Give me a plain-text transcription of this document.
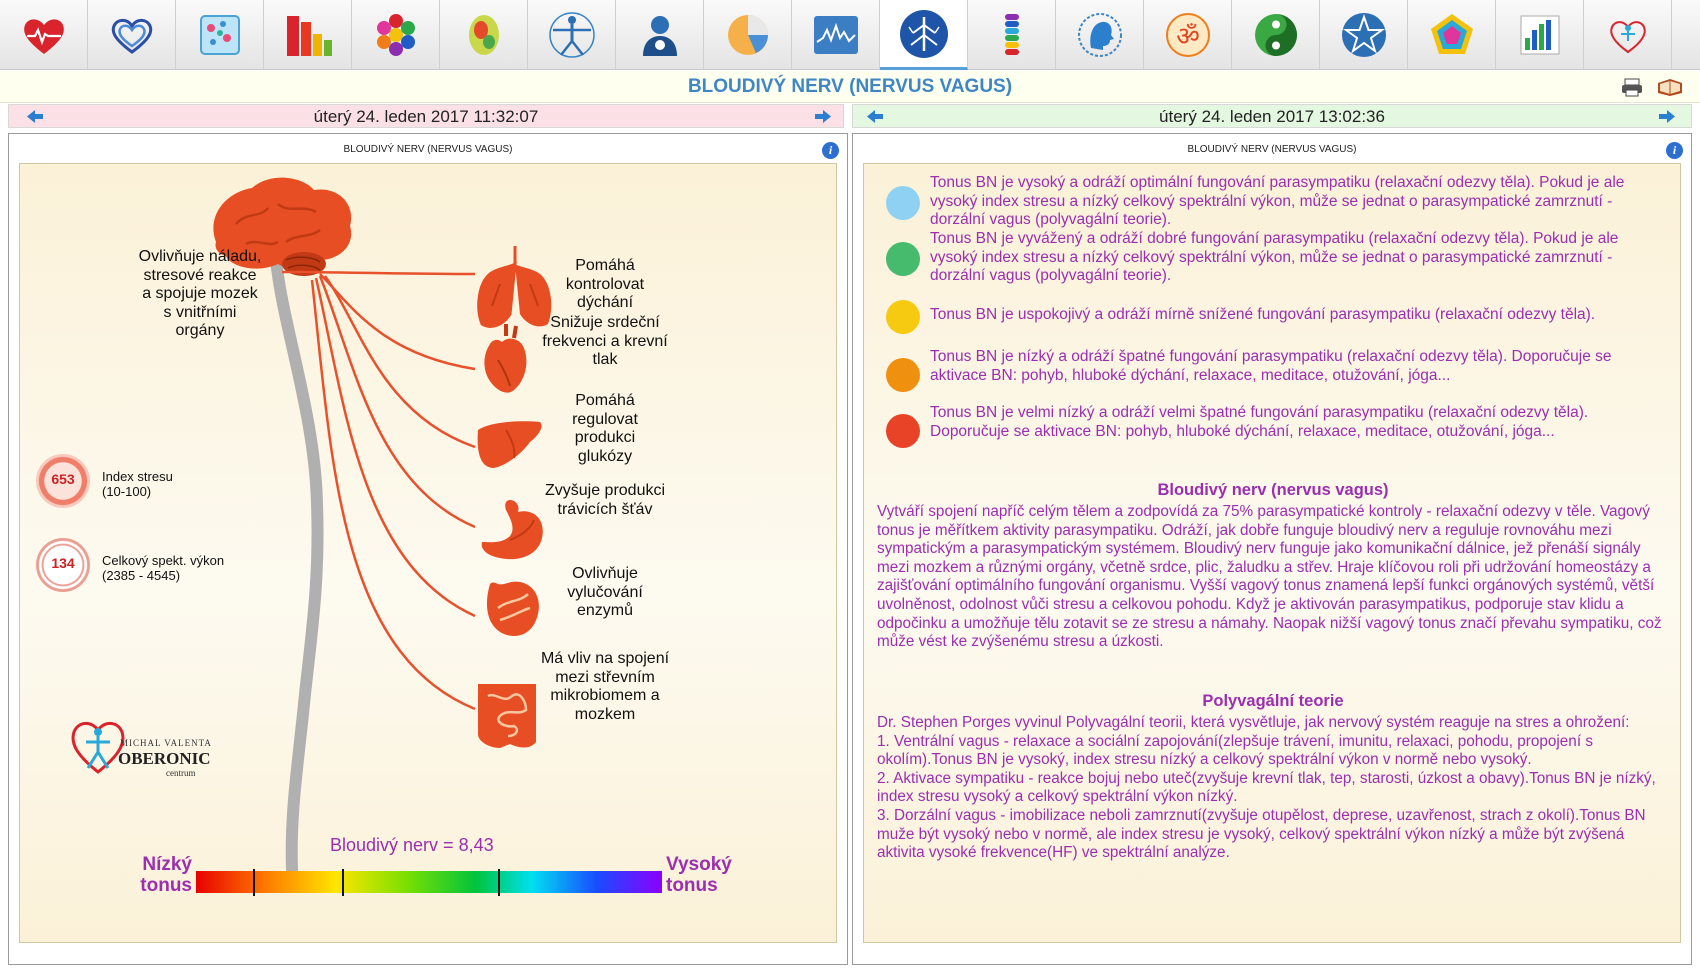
ॐ
BLOUDIVÝ NERV (NERVUS VAGUS)
úterý 24. leden 2017 11:32:07	úterý 24. leden 2017 13:02:36
BLOUDIVÝ NERV (NERVUS VAGUS)	i
Ovlivňuje náladu, stresové reakce a spojuje mozek s vnitřními orgány
Pomáhá kontrolovat dýchání
Snižuje srdeční frekvenci a krevní tlak
Pomáhá regulovat produkci glukózy
Zvyšuje produkci trávicích šťáv
Ovlivňuje vylučování enzymů
Má vliv na spojení mezi střevním mikrobiomem a mozkem
653	Index stresu
(10-100)
134	Celkový spekt. výkon
(2385 - 4545)
MICHAL VALENTA
OBERONIC
centrum
Bloudivý nerv = 8,43
Nízký
tonus
Vysoký
tonus
BLOUDIVÝ NERV (NERVUS VAGUS)	i
Tonus BN je vysoký a odráží optimální fungování parasympatiku (relaxační odezvy těla). Pokud je ale vysoký index stresu a nízký celkový spektrální výkon, může se jednat o parasympatické zamrznutí - dorzální vagus (polyvagální teorie).
Tonus BN je vyvážený a odráží dobré fungování parasympatiku (relaxační odezvy těla). Pokud je ale vysoký index stresu a nízký celkový spektrální výkon, může se jednat o parasympatické zamrznutí - dorzální vagus (polyvagální teorie).
Tonus BN je uspokojivý a odráží mírně snížené fungování parasympatiku (relaxační odezvy těla).
Tonus BN je nízký a odráží špatné fungování parasympatiku (relaxační odezvy těla). Doporučuje se aktivace BN: pohyb, hluboké dýchání, relaxace, meditace, otužování, jóga...
Tonus BN je velmi nízký a odráží velmi špatné fungování parasympatiku (relaxační odezvy těla). Doporučuje se aktivace BN: pohyb, hluboké dýchání, relaxace, meditace, otužování, jóga...
Bloudivý nerv (nervus vagus)
Vytváří spojení napříč celým tělem a zodpovídá za 75% parasympatické kontroly - relaxační odezvy v těle. Vagový tonus je měřítkem aktivity parasympatiku. Odráží, jak dobře funguje bloudivý nerv a reguluje rovnováhu mezi sympatickým a parasympatickým systémem. Bloudivý nerv funguje jako komunikační dálnice, jež přenáší signály mezi mozkem a různými orgány, včetně srdce, plic, žaludku a střev. Hraje klíčovou roli při udržování homeostázy a zajišťování optimálního fungování organismu. Vyšší vagový tonus znamená lepší funkci orgánových systémů, větší uvolněnost, odolnost vůči stresu a celkovou pohodu. Když je aktivován parasympatikus, podporuje stav klidu a odpočinku a umožňuje tělu zotavit se ze stresu a námahy. Naopak nižší vagový tonus značí převahu sympatiku, což může vést ke zvýšenému stresu a úzkosti.
Polyvagální teorie

Dr. Stephen Porges vyvinul Polyvagální teorii, která vysvětluje, jak nervový systém reaguje na stres a ohrožení:

1. Ventrální vagus - relaxace a sociální zapojování(zlepšuje trávení, imunitu, relaxaci, pohodu, propojení s okolím).Tonus BN je vysoký, index stresu nízký a celkový spektrální výkon v normě nebo vysoký.

2. Aktivace sympatiku - reakce bojuj nebo uteč(zvyšuje krevní tlak, tep, starosti, úzkost a obavy).Tonus BN je nízký, index stresu vysoký a celkový spektrální výkon nízký.

3. Dorzální vagus - imobilizace neboli zamrznutí(zvyšuje otupělost, deprese, uzavřenost, strach z okolí).Tonus BN muže být vysoký nebo v normě, ale index stresu je vysoký, celkový spektrální výkon nízký a může být zvýšená aktivita vysoké frekvence(HF) ve spektrální analýze.
